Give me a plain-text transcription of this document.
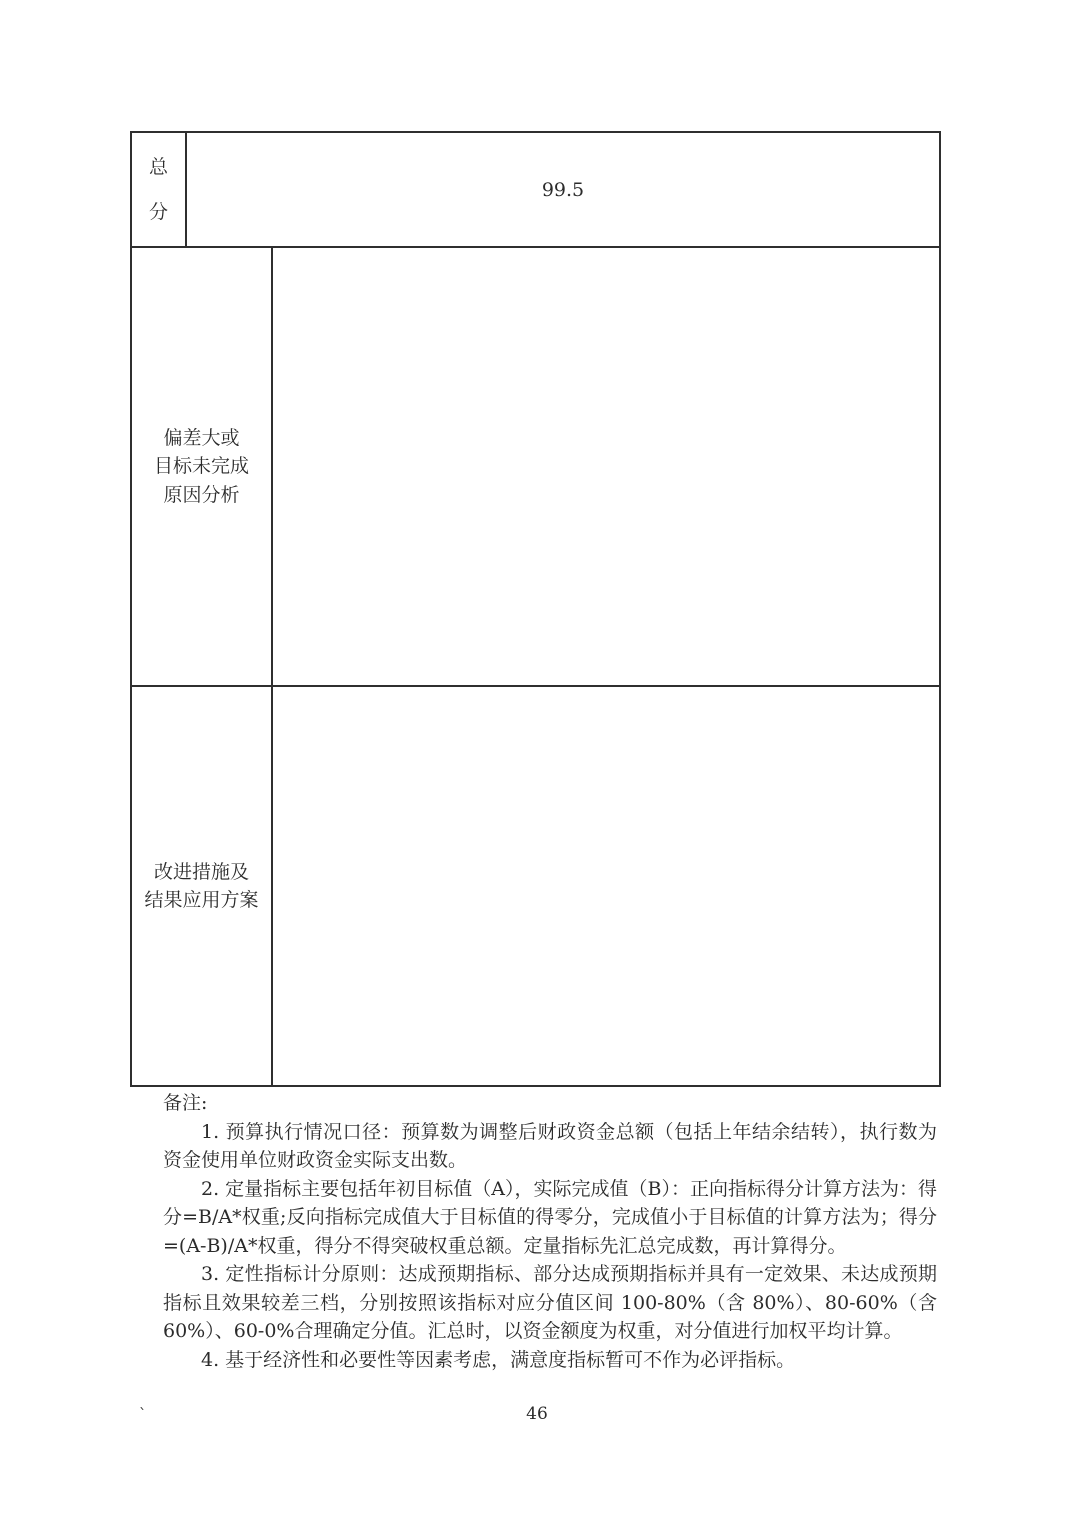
总
分
99.5
偏差大或
目标未完成
原因分析
改进措施及
结果应用方案

备注:

1. 预算执行情况口径：预算数为调整后财政资金总额（包括上年结余结转），执行数为资金使用单位财政资金实际支出数。

2. 定量指标主要包括年初目标值（A），实际完成值（B）：正向指标得分计算方法为：得分=B/A*权重;反向指标完成值大于目标值的得零分，完成值小于目标值的计算方法为；得分=(A-B)/A*权重，得分不得突破权重总额。定量指标先汇总完成数，再计算得分。

3. 定性指标计分原则：达成预期指标、部分达成预期指标并具有一定效果、未达成预期指标且效果较差三档，分别按照该指标对应分值区间 100-80%（含 80%）、80-60%（含 60%）、60-0%合理确定分值。汇总时，以资金额度为权重，对分值进行加权平均计算。

4. 基于经济性和必要性等因素考虑，满意度指标暂可不作为必评指标。

`	46
